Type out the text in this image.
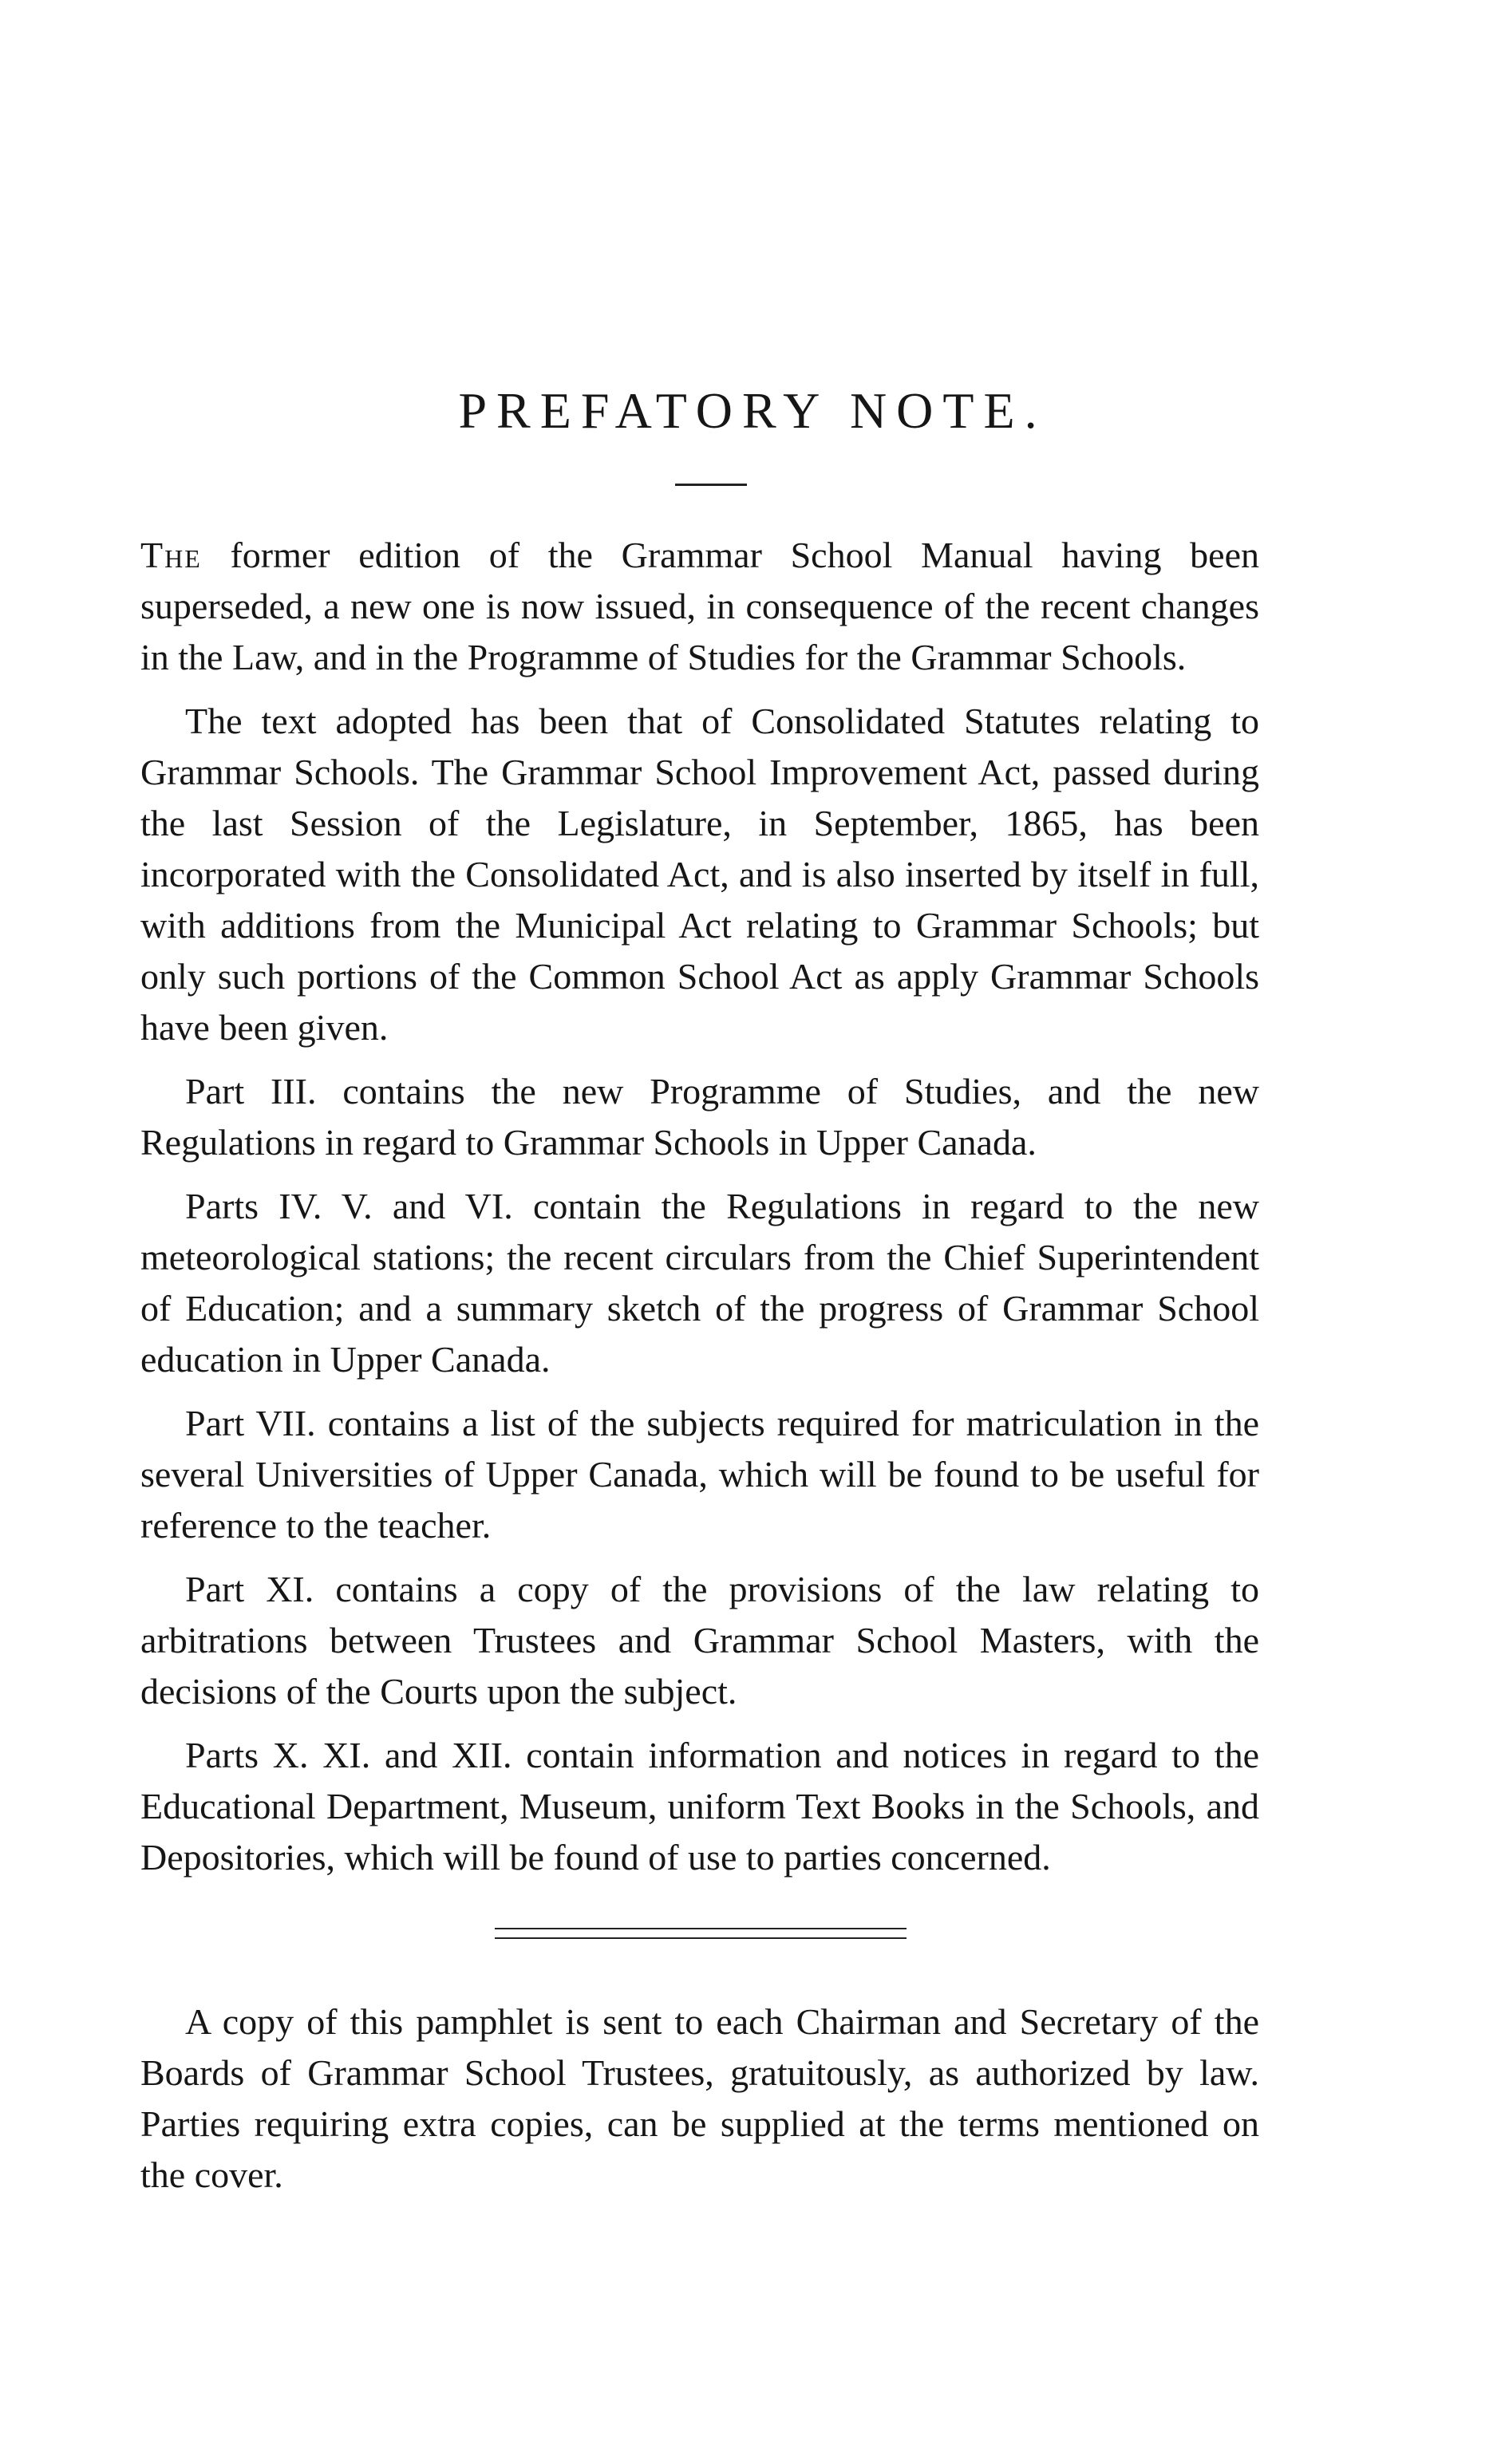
PREFATORY NOTE.

The former edition of the Grammar School Manual having been superseded, a new one is now issued, in consequence of the recent changes in the Law, and in the Programme of Studies for the Grammar Schools.

The text adopted has been that of Consolidated Statutes relating to Grammar Schools. The Grammar School Improvement Act, passed during the last Session of the Legislature, in September, 1865, has been incorporated with the Consolidated Act, and is also inserted by itself in full, with additions from the Municipal Act relating to Grammar Schools; but only such portions of the Common School Act as apply Grammar Schools have been given.

Part III. contains the new Programme of Studies, and the new Regulations in regard to Grammar Schools in Upper Canada.

Parts IV. V. and VI. contain the Regulations in regard to the new meteorological stations; the recent circulars from the Chief Superintendent of Education; and a summary sketch of the progress of Grammar School education in Upper Canada.

Part VII. contains a list of the subjects required for matriculation in the several Universities of Upper Canada, which will be found to be useful for reference to the teacher.

Part XI. contains a copy of the provisions of the law relating to arbitrations between Trustees and Grammar School Masters, with the decisions of the Courts upon the subject.

Parts X. XI. and XII. contain information and notices in regard to the Educational Department, Museum, uniform Text Books in the Schools, and Depositories, which will be found of use to parties concerned.

A copy of this pamphlet is sent to each Chairman and Secretary of the Boards of Grammar School Trustees, gratuitously, as authorized by law. Parties requiring extra copies, can be supplied at the terms mentioned on the cover.
